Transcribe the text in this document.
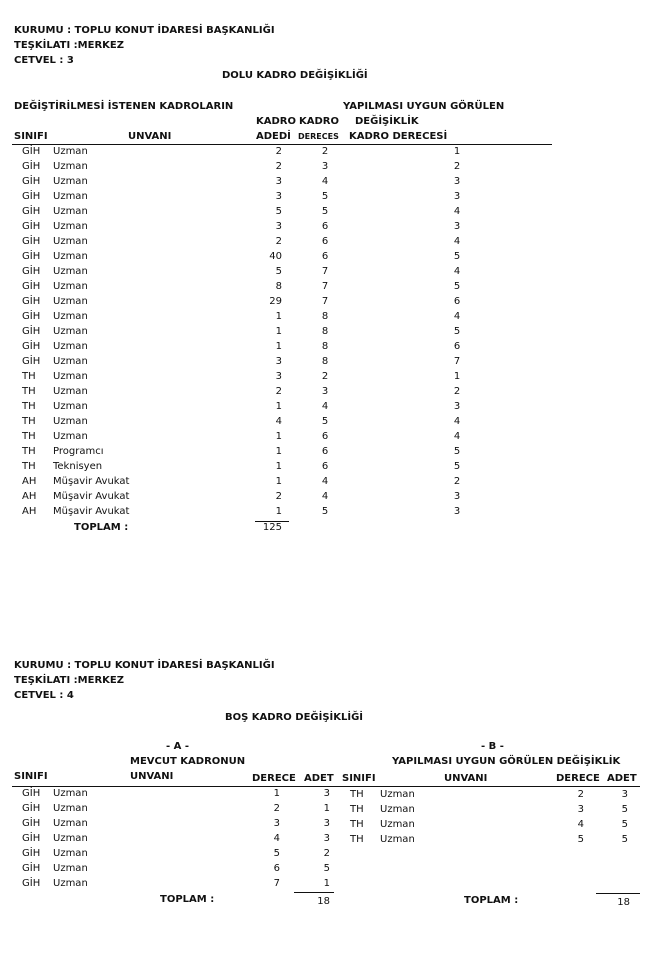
KURUMU : TOPLU KONUT İDARESİ BAŞKANLIĞI
TEŞKİLATI :MERKEZ
CETVEL : 3
DOLU KADRO DEĞİŞİKLİĞİ
DEĞİŞTİRİLMESİ İSTENEN KADROLARIN	YAPILMASI UYGUN GÖRÜLEN
DEĞİŞİKLİK
SINIFI	UNVANI
KADRO
ADEDİ
KADRO
DERECES KADRO DERECESİ
GİH Uzman	2	2	1
GİH Uzman	2	3	2
GİH Uzman	3	4	3
GİH Uzman	3	5	3
GİH Uzman	5	5	4
GİH Uzman	3	6	3
GİH Uzman	2	6	4
GİH Uzman	40	6	5
GİH Uzman	5	7	4
GİH Uzman	8	7	5
GİH Uzman	29	7	6
GİH Uzman	1	8	4
GİH Uzman	1	8	5
GİH Uzman	1	8	6
GİH Uzman	3	8	7
TH Uzman	3	2	1
TH Uzman	2	3	2
TH Uzman	1	4	3
TH Uzman	4	5	4
TH Uzman	1	6	4
TH Programcı	1	6	5
TH Teknisyen	1	6	5
AH Müşavir Avukat	1	4	2
AH Müşavir Avukat	2	4	3
AH Müşavir Avukat	1	5	3
TOPLAM :	125
KURUMU : TOPLU KONUT İDARESİ BAŞKANLIĞI
TEŞKİLATI :MERKEZ
CETVEL : 4
BOŞ KADRO DEĞİŞİKLİĞİ
- A -
MEVCUT KADRONUN
SINIFI	UNVANI	DERECE ADET
GİH Uzman	1	3
GİH Uzman	2	1
GİH Uzman	3	3
GİH Uzman	4	3
GİH Uzman	5	2
GİH Uzman	6	5
GİH Uzman	7	1
TOPLAM :	18
- B -
YAPILMASI UYGUN GÖRÜLEN DEĞİŞİKLİK
SINIFI	UNVANI	DERECE ADET
TH Uzman	2	3
TH Uzman	3	5
TH Uzman	4	5
TH Uzman	5	5
TOPLAM :	18
